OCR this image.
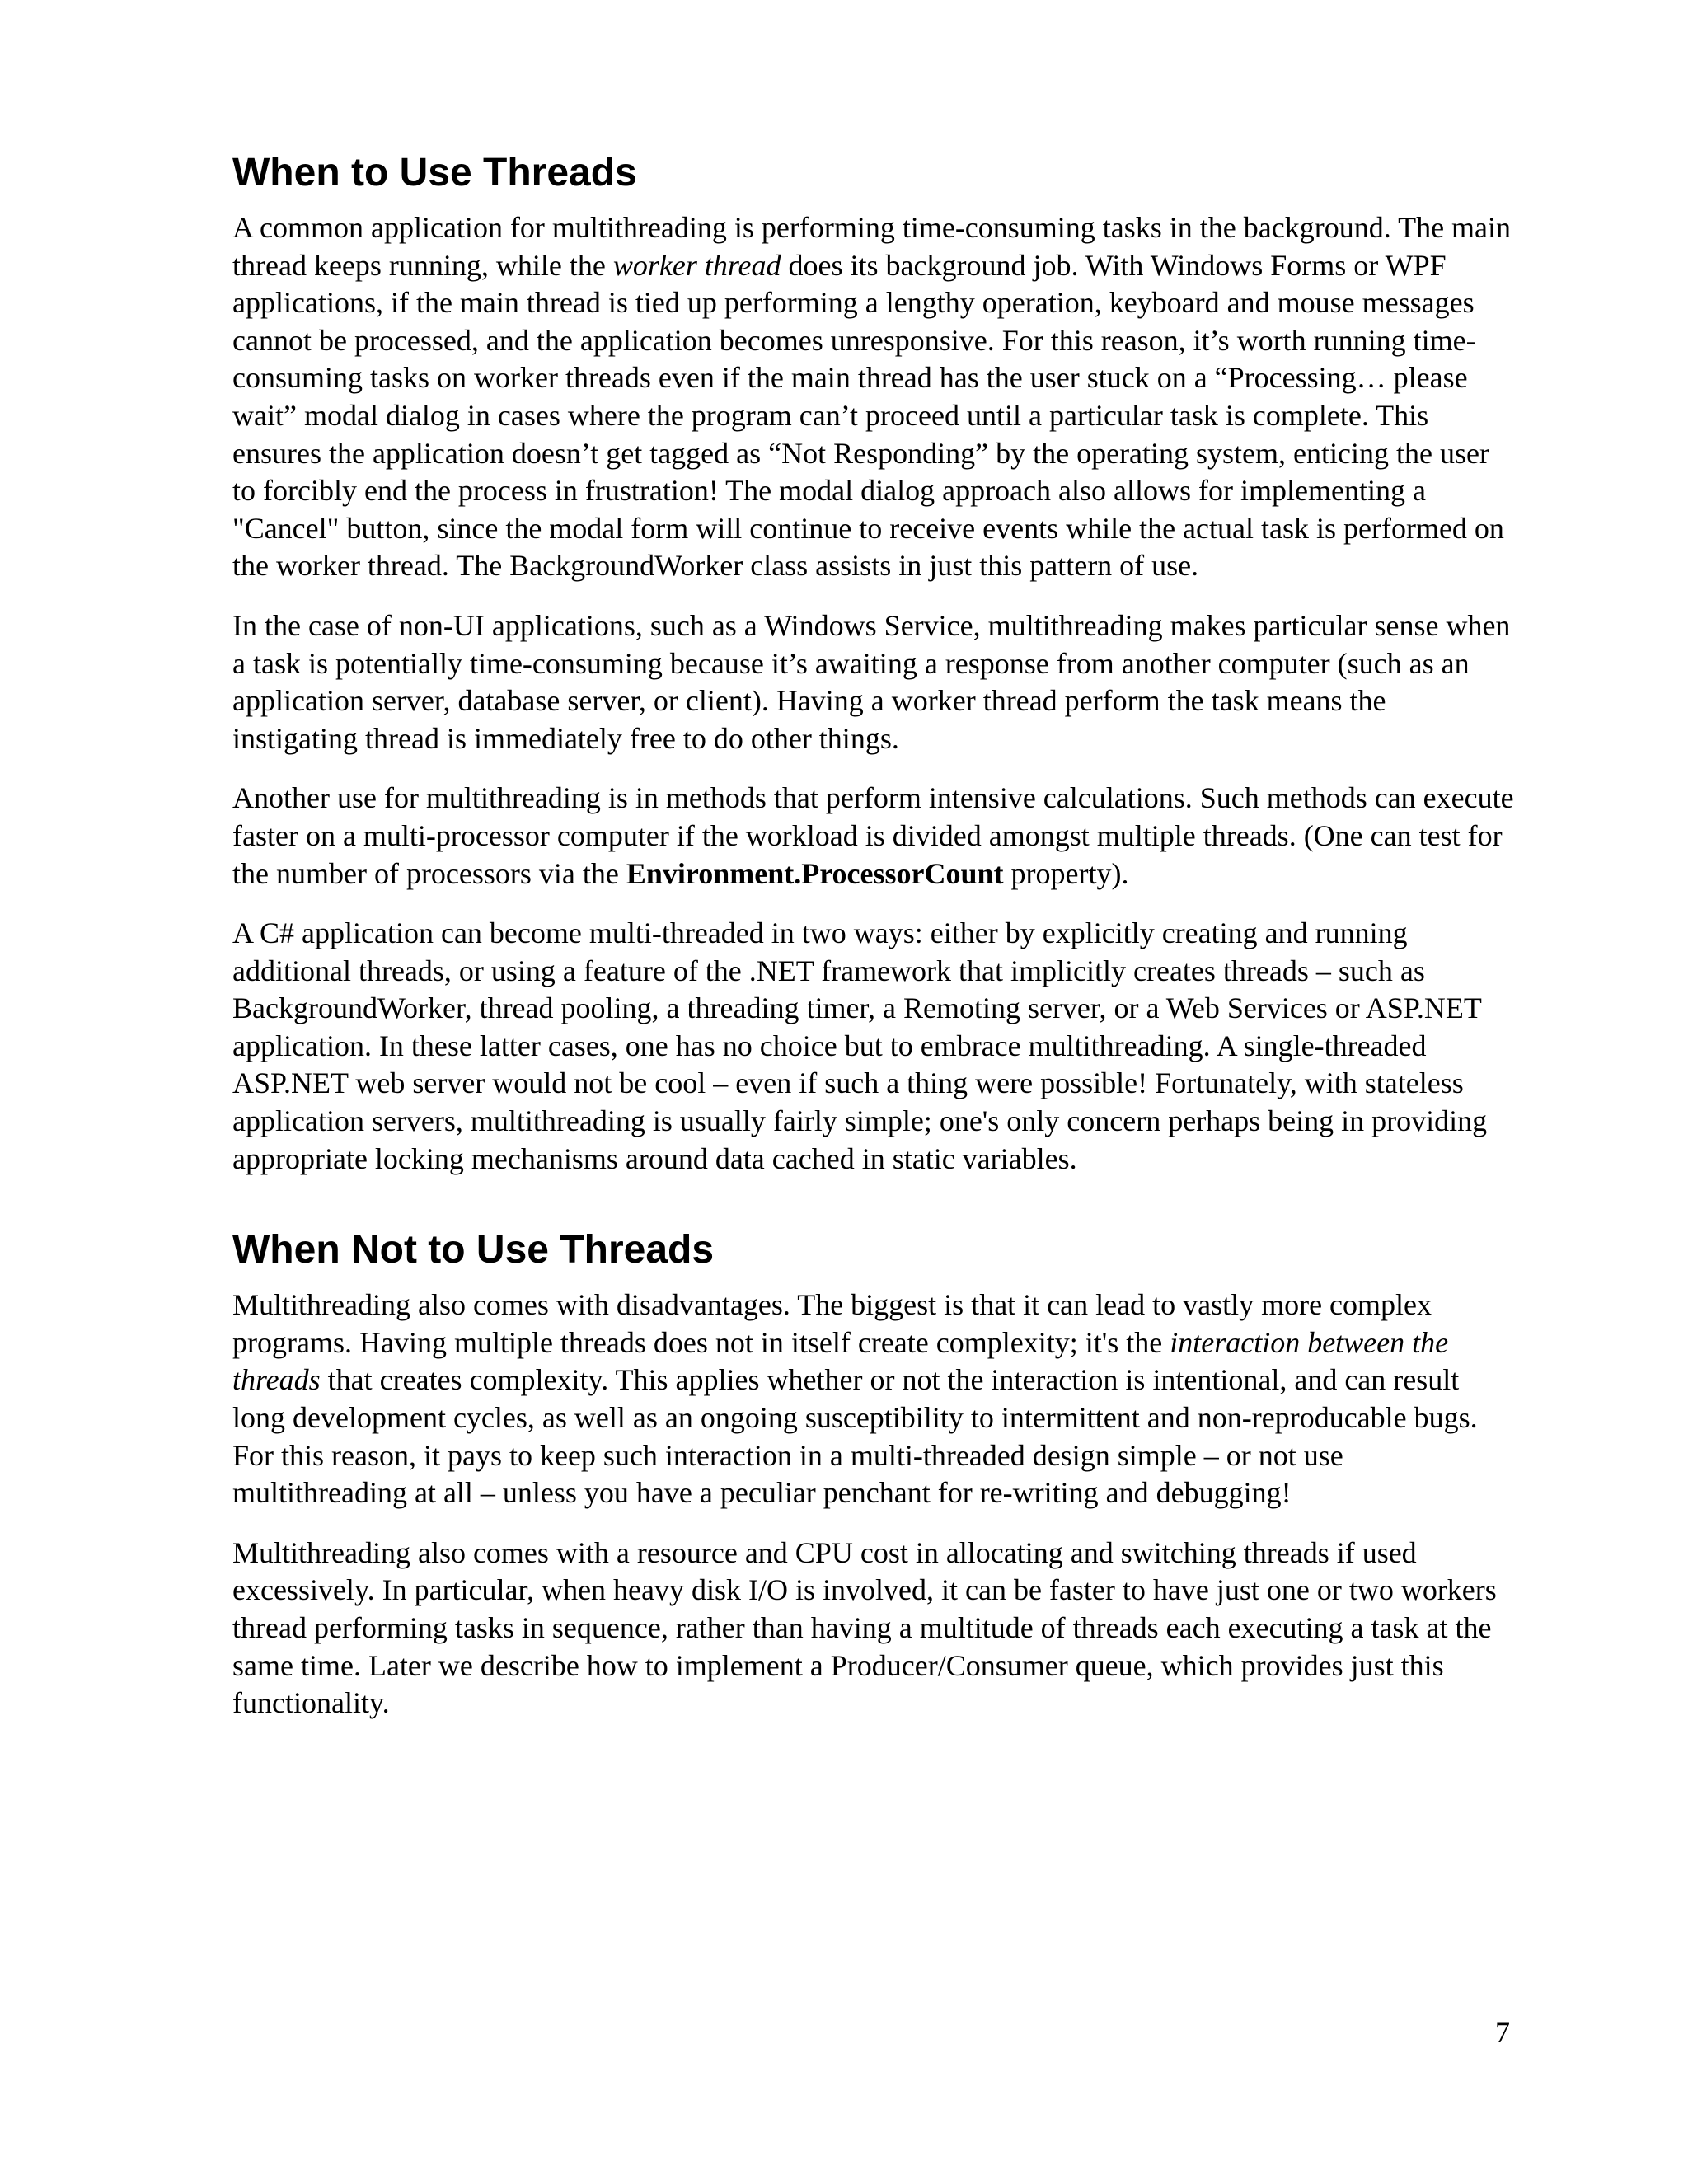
When to Use Threads

A common application for multithreading is performing time-consuming tasks in the background. The main thread keeps running, while the worker thread does its background job. With Windows Forms or WPF applications, if the main thread is tied up performing a lengthy operation, keyboard and mouse messages cannot be processed, and the application becomes unresponsive. For this reason, it’s worth running time-consuming tasks on worker threads even if the main thread has the user stuck on a “Processing… please wait” modal dialog in cases where the program can’t proceed until a particular task is complete. This ensures the application doesn’t get tagged as “Not Responding” by the operating system, enticing the user to forcibly end the process in frustration! The modal dialog approach also allows for implementing a "Cancel" button, since the modal form will continue to receive events while the actual task is performed on the worker thread. The BackgroundWorker class assists in just this pattern of use.

In the case of non-UI applications, such as a Windows Service, multithreading makes particular sense when a task is potentially time-consuming because it’s awaiting a response from another computer (such as an application server, database server, or client). Having a worker thread perform the task means the instigating thread is immediately free to do other things.

Another use for multithreading is in methods that perform intensive calculations. Such methods can execute faster on a multi-processor computer if the workload is divided amongst multiple threads. (One can test for the number of processors via the Environment.ProcessorCount property).

A C# application can become multi-threaded in two ways: either by explicitly creating and running additional threads, or using a feature of the .NET framework that implicitly creates threads – such as BackgroundWorker, thread pooling, a threading timer, a Remoting server, or a Web Services or ASP.NET application. In these latter cases, one has no choice but to embrace multithreading. A single-threaded ASP.NET web server would not be cool – even if such a thing were possible! Fortunately, with stateless application servers, multithreading is usually fairly simple; one's only concern perhaps being in providing appropriate locking mechanisms around data cached in static variables.

When Not to Use Threads

Multithreading also comes with disadvantages. The biggest is that it can lead to vastly more complex programs. Having multiple threads does not in itself create complexity; it's the interaction between the threads that creates complexity. This applies whether or not the interaction is intentional, and can result long development cycles, as well as an ongoing susceptibility to intermittent and non-reproducable bugs. For this reason, it pays to keep such interaction in a multi-threaded design simple – or not use multithreading at all – unless you have a peculiar penchant for re-writing and debugging!

Multithreading also comes with a resource and CPU cost in allocating and switching threads if used excessively. In particular, when heavy disk I/O is involved, it can be faster to have just one or two workers thread performing tasks in sequence, rather than having a multitude of threads each executing a task at the same time. Later we describe how to implement a Producer/Consumer queue, which provides just this functionality.

7
